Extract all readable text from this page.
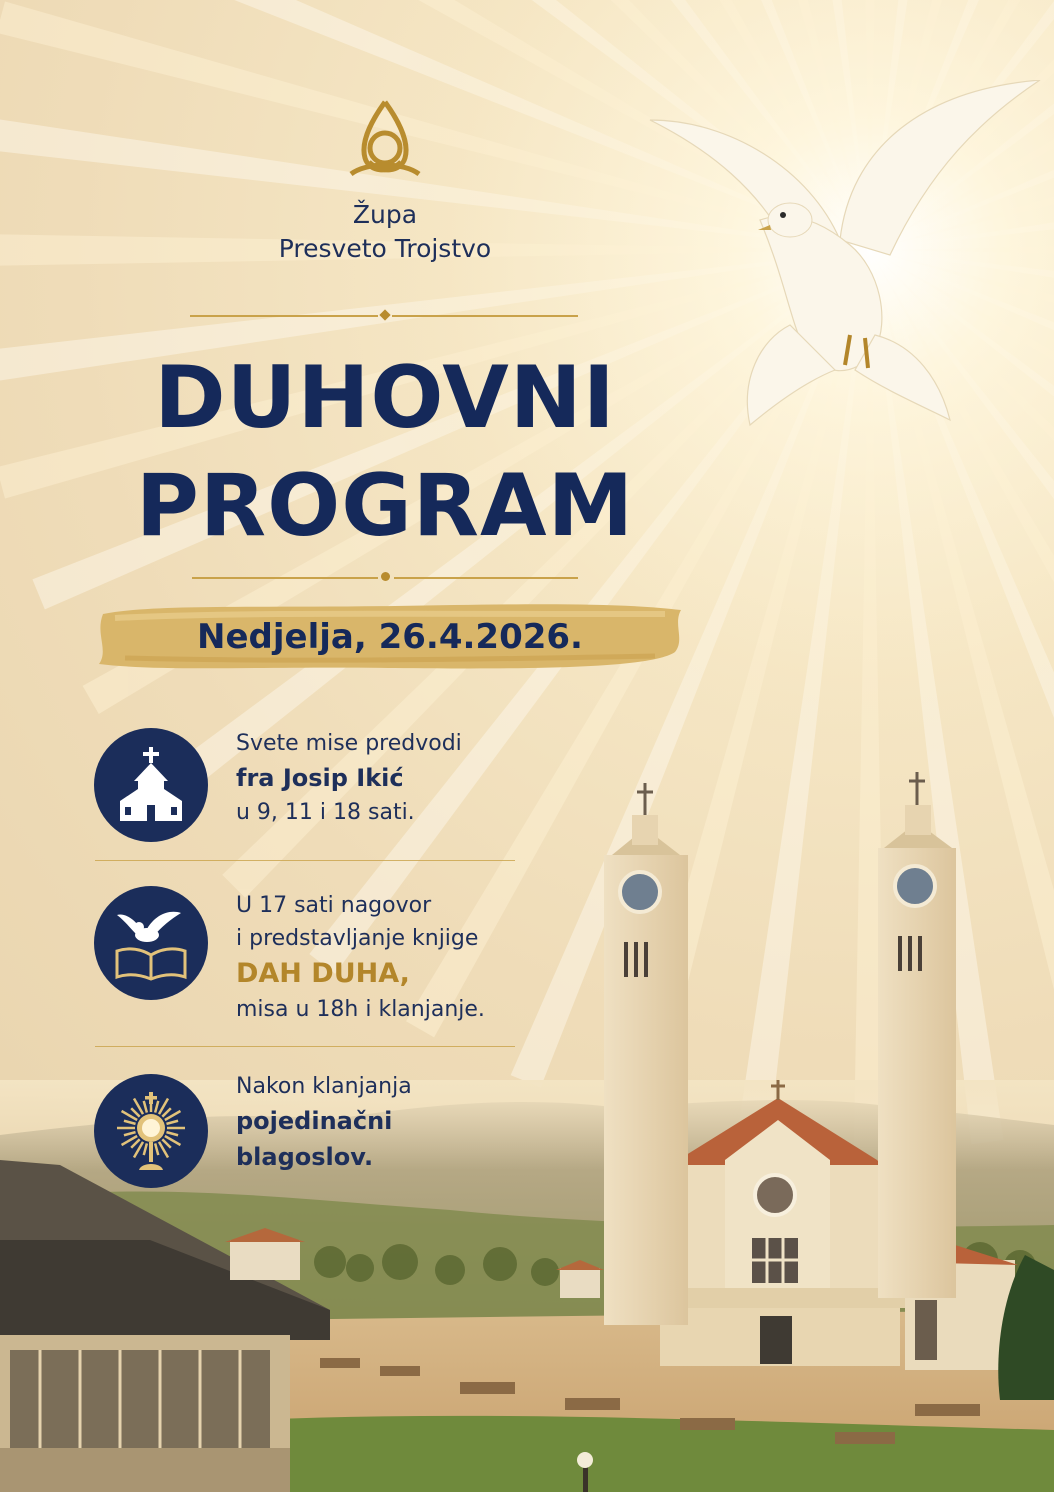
Župa
Presveto Trojstvo
DUHOVNI
PROGRAM
Nedjelja, 26.4.2026.
Svete mise predvodi
fra Josip Ikić
u 9, 11 i 18 sati.
U 17 sati nagovor
i predstavljanje knjige
DAH DUHA,
misa u 18h i klanjanje.
Nakon klanjanja
pojedinačni
blagoslov.
